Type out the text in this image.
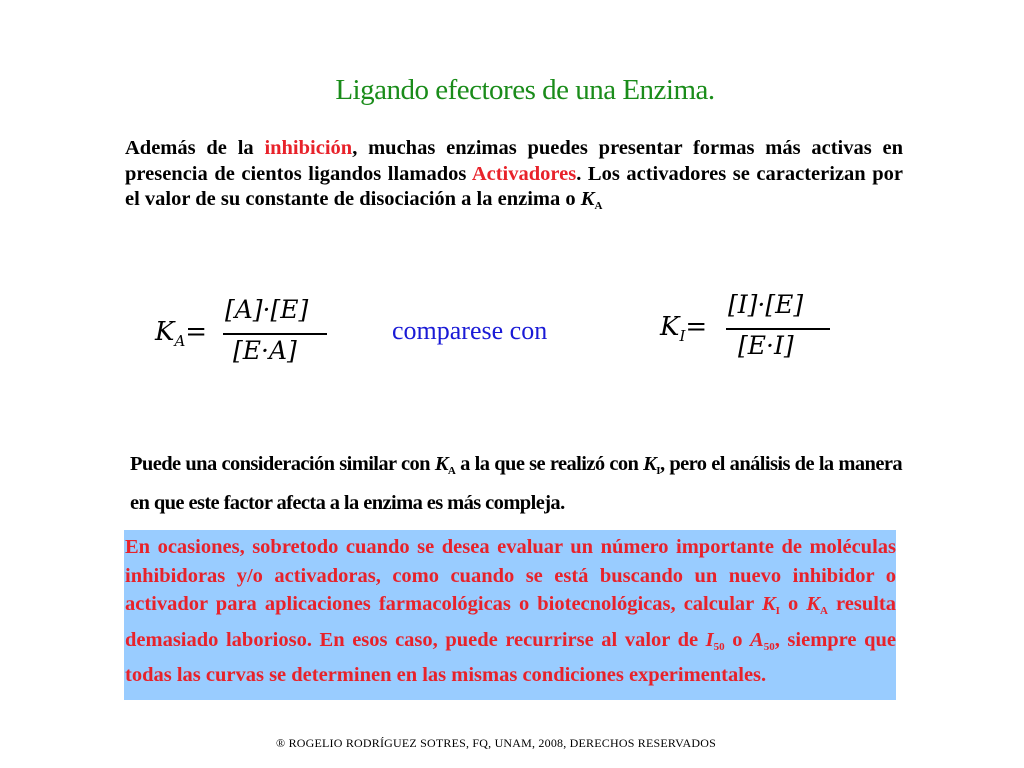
Ligando efectores de una Enzima.
Además de la inhibición, muchas enzimas puedes presentar formas más activas en presencia de cientos ligandos llamados Activadores. Los activadores se caracterizan por el valor de su constante de disociación a la enzima o $K_A$
$K_A=$
[A]·[E]
[E·A]
comparese con	$K_I=$
[I]·[E]
[E·I]
Puede una consideración similar con $K_A$ a la que se realizó con $K_I$, pero el análisis de la manera en que este factor afecta a la enzima es más compleja.
En ocasiones, sobretodo cuando se desea evaluar un número importante de moléculas inhibidoras y/o activadoras, como cuando se está buscando un nuevo inhibidor o activador para aplicaciones farmacológicas o biotecnológicas, calcular $K_I$ o $K_A$ resulta demasiado laborioso. En esos caso, puede recurrirse al valor de $I_{50}$ o $A_{50}$, siempre que todas las curvas se determinen en las mismas condiciones experimentales.
® ROGELIO RODRÍGUEZ SOTRES, FQ, UNAM, 2008, DERECHOS RESERVADOS
